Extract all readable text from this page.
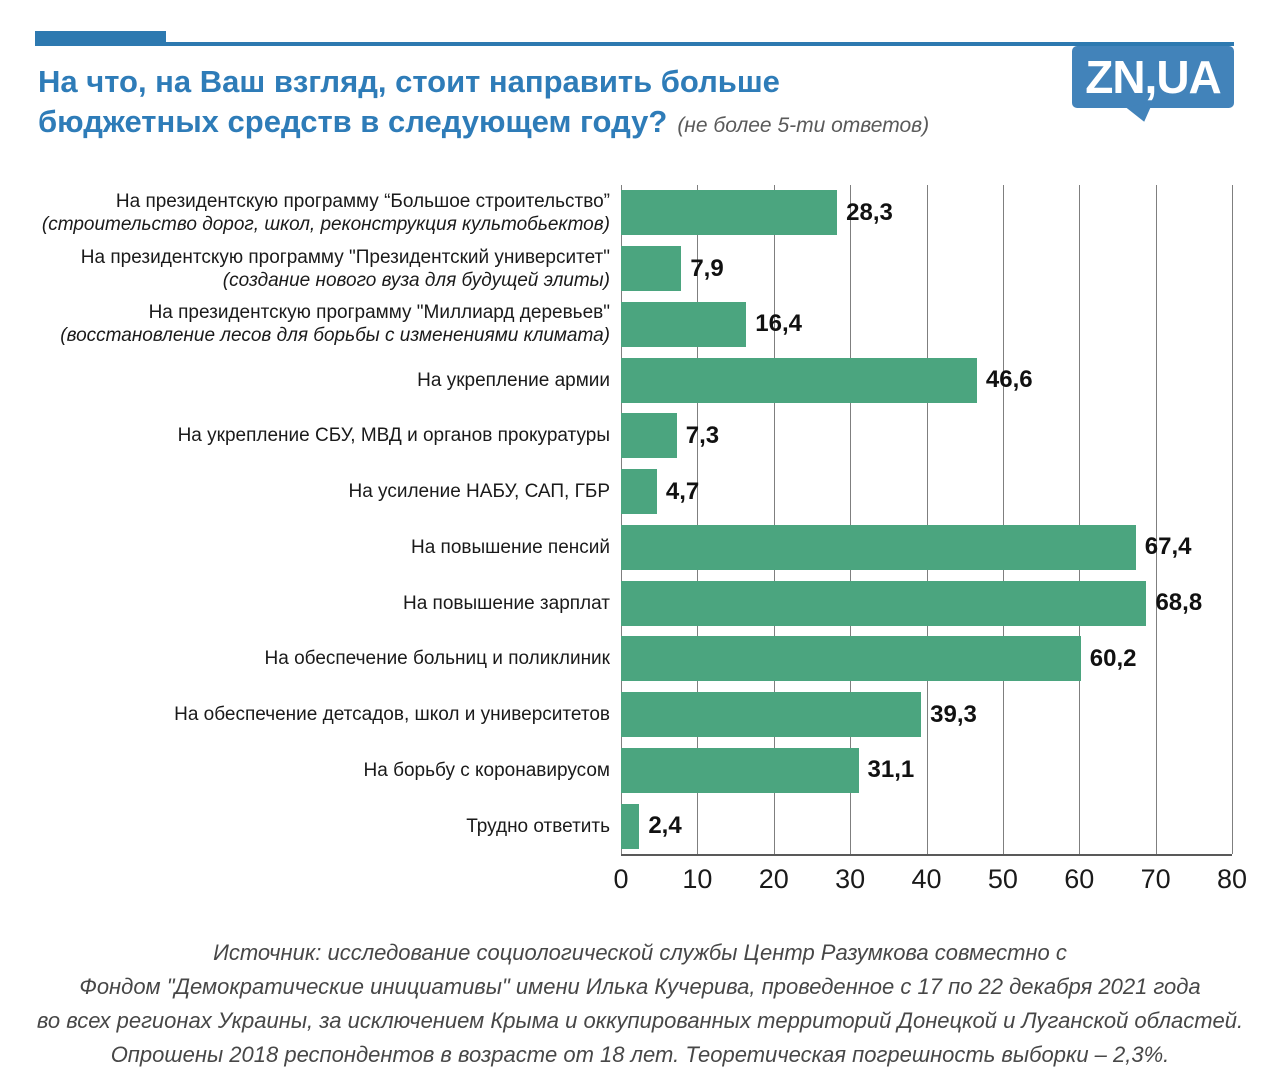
ZN,UA
На что, на Ваш взгляд, стоит направить больше
бюджетных средств в следующем году? (не более 5-ти ответов)
На президентскую программу “Большое строительство”
(строительство дорог, школ, реконструкция культобьектов)
На президентскую программу "Президентский университет"
(создание нового вуза для будущей элиты)
На президентскую программу "Миллиард деревьев"
(восстановление лесов для борьбы с изменениями климата)
На укрепление армии
На укрепление СБУ, МВД и органов прокуратуры
На усиление НАБУ, САП, ГБР
На повышение пенсий
На повышение зарплат
На обеспечение больниц и поликлиник
На обеспечение детсадов, школ и университетов
На борьбу с коронавирусом
Трудно ответить
28,3
7,9
16,4
46,6
7,3
4,7
67,4
68,8
60,2
39,3
31,1
2,4
0 10 20 30 40 50 60 70 80
Источник: исследование социологической службы Центр Разумкова совместно с
Фондом "Демократические инициативы" имени Илька Кучерива, проведенное с 17 по 22 декабря 2021 года
во всех регионах Украины, за исключением Крыма и оккупированных территорий Донецкой и Луганской областей.
Опрошены 2018 респондентов в возрасте от 18 лет. Теоретическая погрешность выборки – 2,3%.
